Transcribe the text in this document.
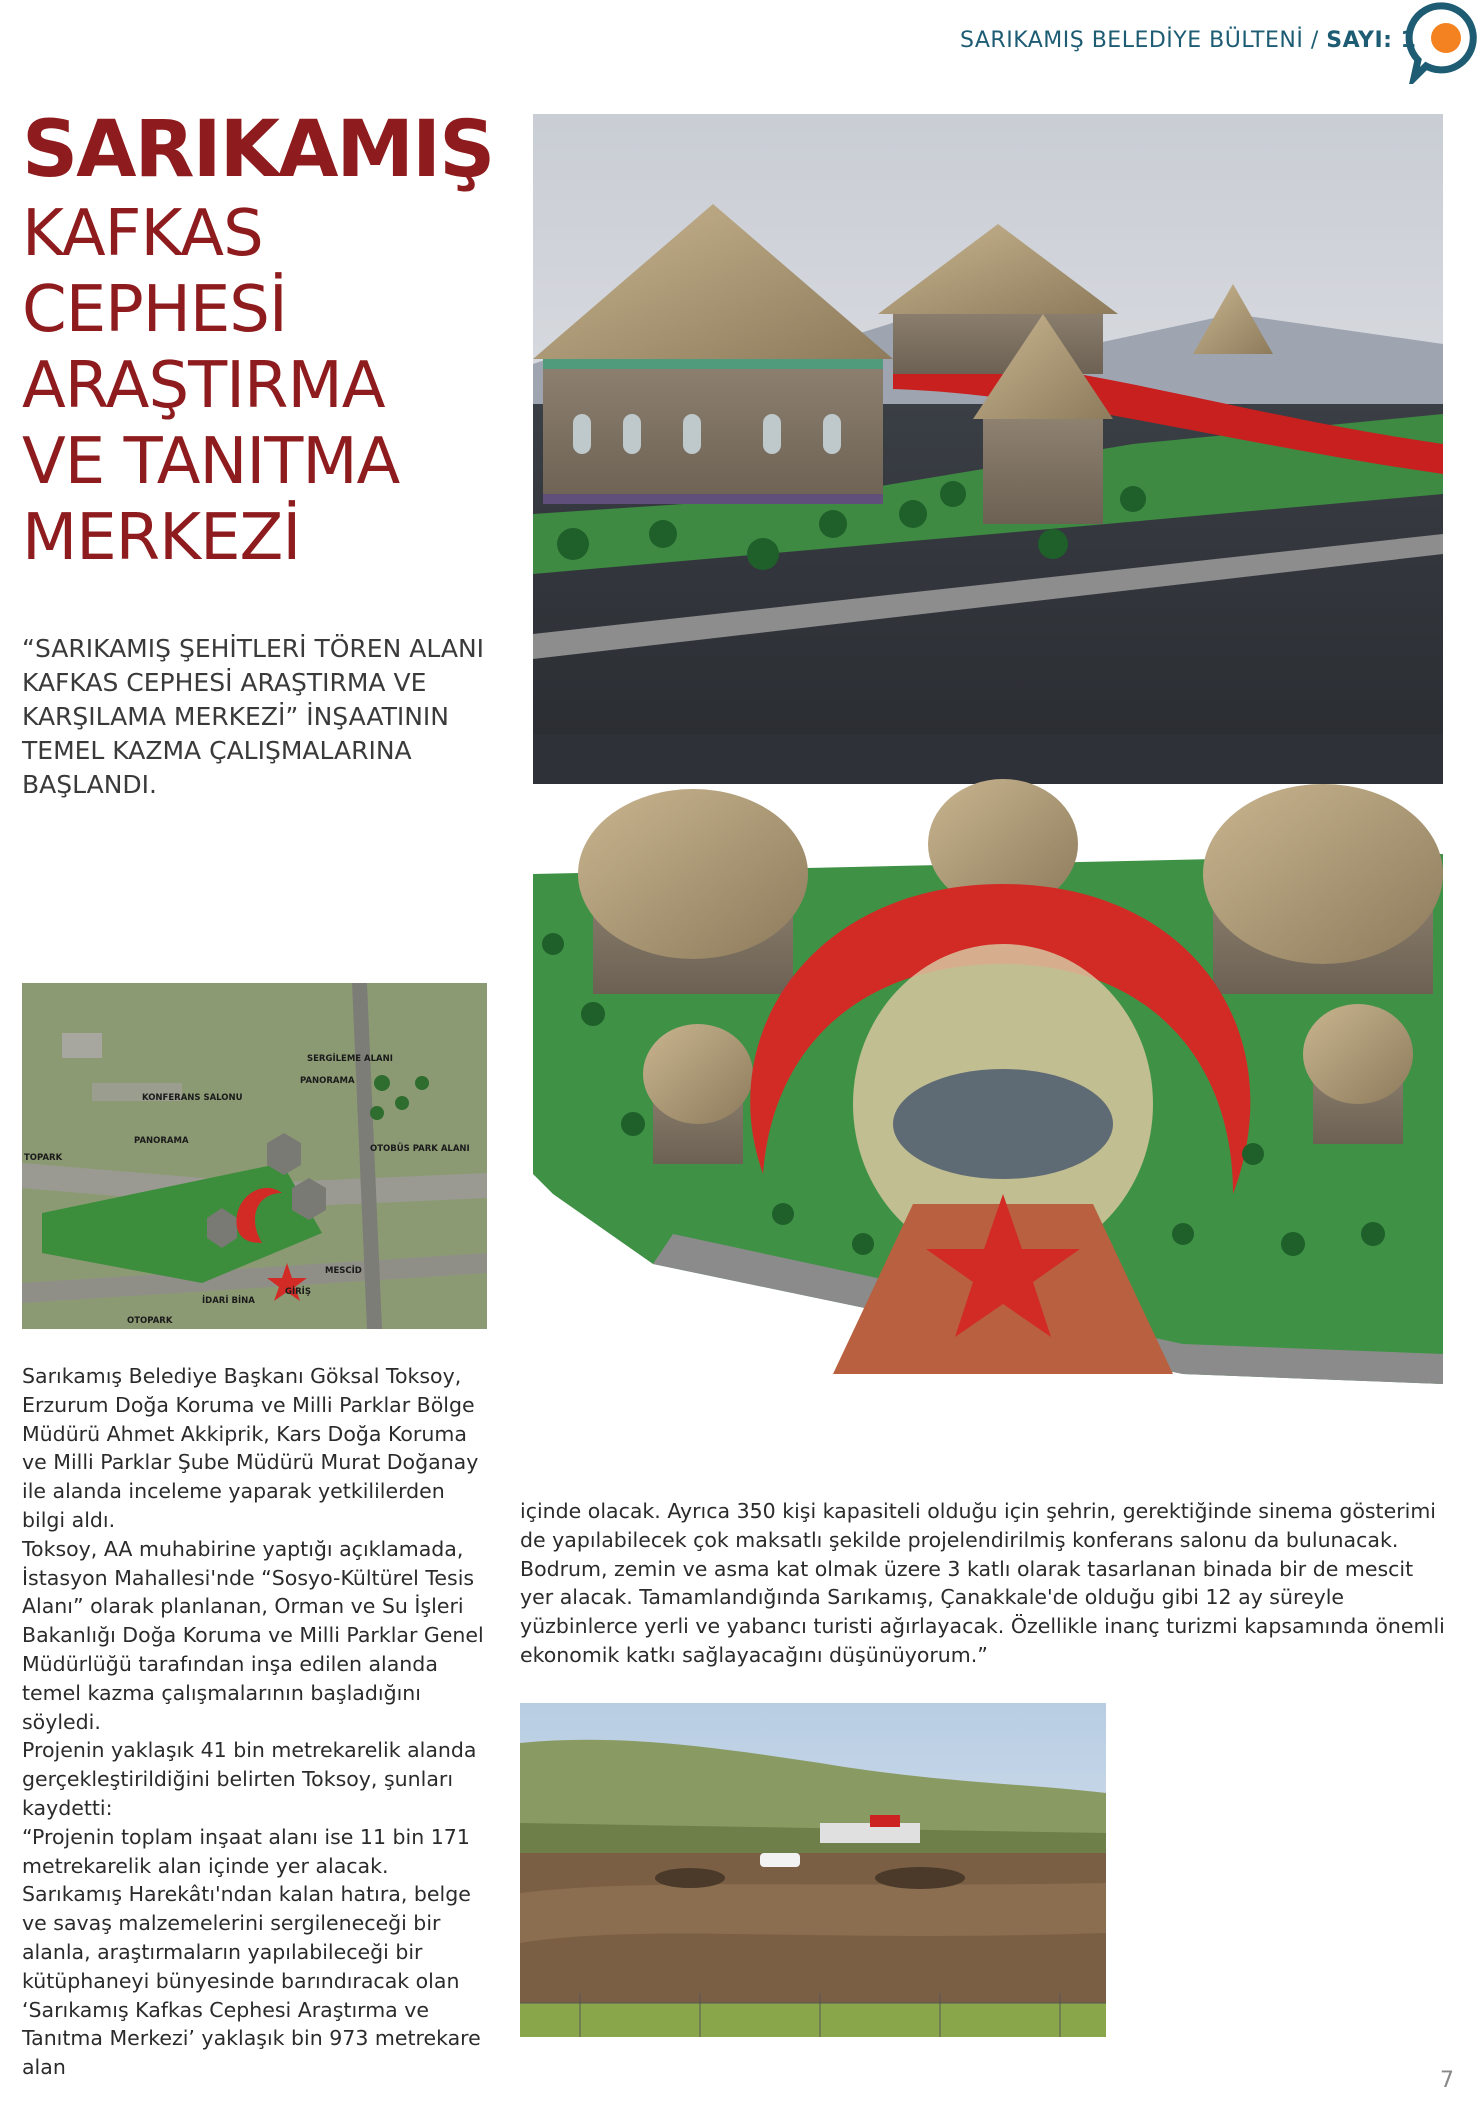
SARIKAMIŞ BELEDİYE BÜLTENİ / SAYI: 1
SARIKAMIŞ
KAFKAS
CEPHESİ
ARAŞTIRMA
VE TANITMA
MERKEZİ
“SARIKAMIŞ ŞEHİTLERİ TÖREN ALANI KAFKAS CEPHESİ ARAŞTIRMA VE KARŞILAMA MERKEZİ” İNŞAATININ TEMEL KAZMA ÇALIŞMALARINA BAŞLANDI.
SERGİLEME ALANI
PANORAMA
KONFERANS SALONU
PANORAMA
OTOBÜS PARK ALANI
TOPARK
MESCİD
GİRİŞ
İDARİ BİNA
OTOPARK

Sarıkamış Belediye Başkanı Göksal Toksoy, Erzurum Doğa Koruma ve Milli Parklar Bölge Müdürü Ahmet Akkiprik, Kars Doğa Koruma ve Milli Parklar Şube Müdürü Murat Doğanay ile alanda inceleme yaparak yetkililerden bilgi aldı.

Toksoy, AA muhabirine yaptığı açıklamada, İstasyon Mahallesi'nde “Sosyo-Kültürel Tesis Alanı” olarak planlanan, Orman ve Su İşleri Bakanlığı Doğa Koruma ve Milli Parklar Genel Müdürlüğü tarafından inşa edilen alanda temel kazma çalışmalarının başladığını söyledi.

Projenin yaklaşık 41 bin metrekarelik alanda gerçekleştirildiğini belirten Toksoy, şunları kaydetti:

“Projenin toplam inşaat alanı ise 11 bin 171 metrekarelik alan içinde yer alacak. Sarıkamış Harekâtı'ndan kalan hatıra, belge ve savaş malzemelerini sergileneceği bir alanla, araştırmaların yapılabileceği bir kütüphaneyi bünyesinde barındıracak olan ‘Sarıkamış Kafkas Cephesi Araştırma ve Tanıtma Merkezi’ yaklaşık bin 973 metrekare alan

içinde olacak. Ayrıca 350 kişi kapasiteli olduğu için şehrin, gerektiğinde sinema gösterimi de yapılabilecek çok maksatlı şekilde projelendirilmiş konferans salonu da bulunacak. Bodrum, zemin ve asma kat olmak üzere 3 katlı olarak tasarlanan binada bir de mescit yer alacak. Tamamlandığında Sarıkamış, Çanakkale'de olduğu gibi 12 ay süreyle yüzbinlerce yerli ve yabancı turisti ağırlayacak. Özellikle inanç turizmi kapsamında önemli ekonomik katkı sağlayacağını düşünüyorum.”

7
